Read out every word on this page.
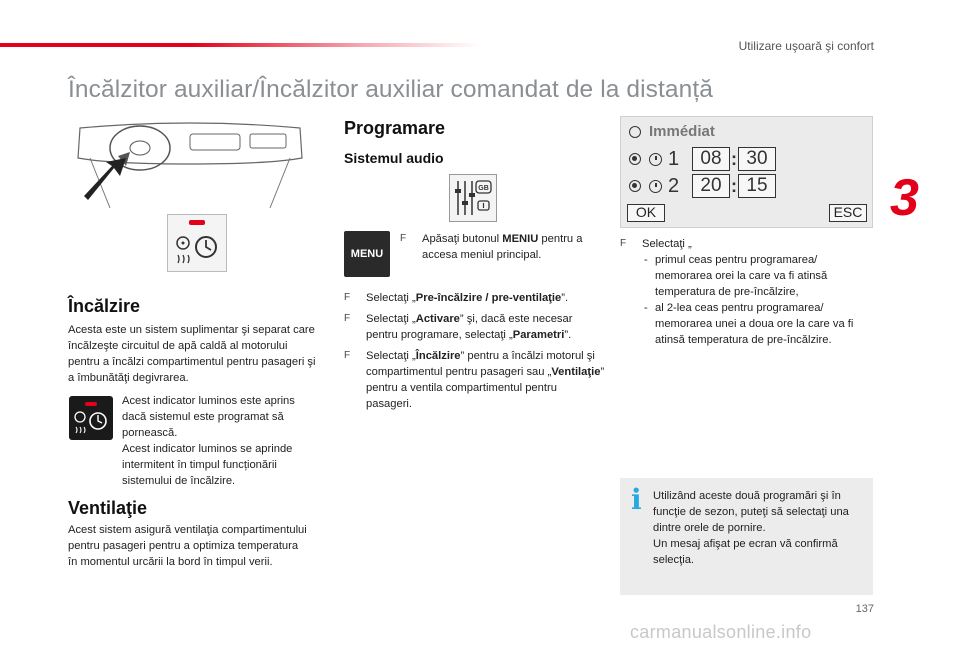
Utilizare uşoară şi confort
Încălzitor auxiliar/Încălzitor auxiliar comandat de la distanță
3
Încălzire

Acesta este un sistem suplimentar şi separat care încălzeşte circuitul de apă caldă al motorului pentru a încălzi compartimentul pentru pasageri şi a îmbunătăţi degivrarea.

Acest indicator luminos este aprins dacă sistemul este programat să pornească.
Acest indicator luminos se aprinde intermitent în timpul funcționării sistemului de încălzire.

Ventilaţie

Acest sistem asigură ventilaţia compartimentului pentru pasageri pentru a optimiza temperatura în momentul urcării la bord în timpul verii.

Programare
Sistemul audio
GB
MENU
F Apăsaţi butonul MENIU pentru a accesa meniul principal.
F Selectaţi „Pre-încălzire / pre-ventilaţie”.
F Selectaţi „Activare” şi, dacă este necesar pentru programare, selectaţi „Parametri”.
F Selectaţi „Încălzire” pentru a încălzi motorul şi compartimentul pentru pasageri sau „Ventilaţie” pentru a ventila compartimentul pentru pasageri.
Immédiat
1	08 : 30
2	20 : 15
OK	ESC
F Selectaţi „
- primul ceas pentru programarea/ memorarea orei la care va fi atinsă temperatura de pre-încălzire,

- al 2-lea ceas pentru programarea/ memorarea unei a doua ore la care va fi atinsă temperatura de pre-încălzire.

i Utilizând aceste două programări şi în funcţie de sezon, puteţi să selectaţi una dintre orele de pornire.
Un mesaj afişat pe ecran vă confirmă selecţia.

137
carmanualsonline.info
